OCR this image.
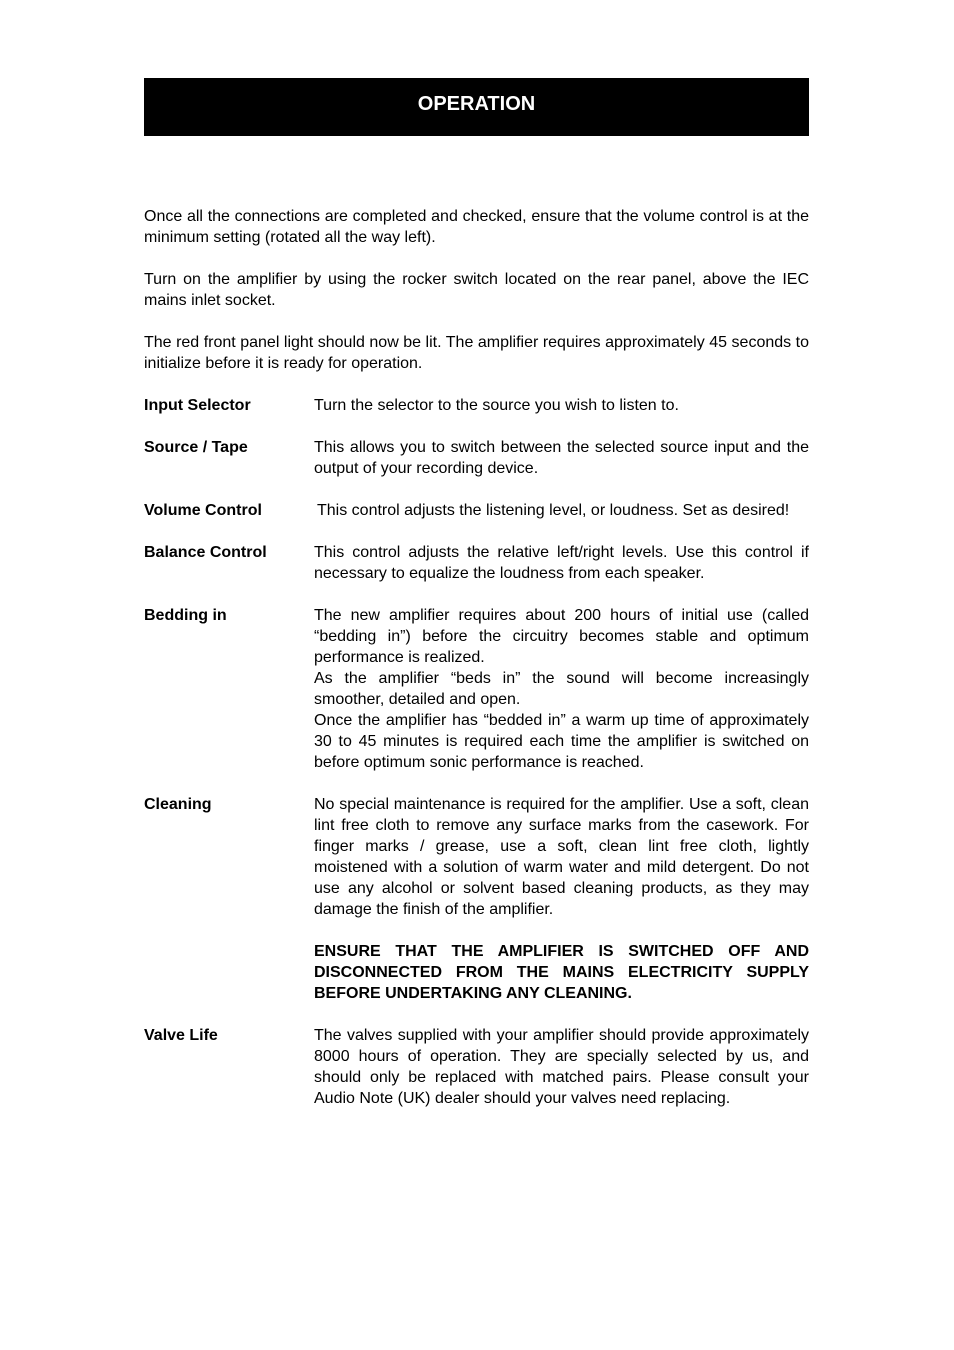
OPERATION

Once all the connections are completed and checked, ensure that the volume control is at the minimum setting (rotated all the way left).

Turn on the amplifier by using the rocker switch located on the rear panel, above the IEC mains inlet socket.

The red front panel light should now be lit. The amplifier requires approximately 45 seconds to initialize before it is ready for operation.

Input Selector	Turn the selector to the source you wish to listen to.

Source / Tape	This allows you to switch between the selected source input and the output of your recording device.

Volume Control	This control adjusts the listening level, or loudness. Set as desired!

Balance Control	This control adjusts the relative left/right levels. Use this control if necessary to equalize the loudness from each speaker.

Bedding in	The new amplifier requires about 200 hours of initial use (called “bedding in”) before the circuitry becomes stable and optimum performance is realized.

As the amplifier “beds in” the sound will become increasingly smoother, detailed and open.

Once the amplifier has “bedded in” a warm up time of approximately 30 to 45 minutes is required each time the amplifier is switched on before optimum sonic performance is reached.

Cleaning	No special maintenance is required for the amplifier. Use a soft, clean lint free cloth to remove any surface marks from the casework. For finger marks / grease, use a soft, clean lint free cloth, lightly moistened with a solution of warm water and mild detergent. Do not use any alcohol or solvent based cleaning products, as they may damage the finish of the amplifier.

ENSURE THAT THE AMPLIFIER IS SWITCHED OFF AND DISCONNECTED FROM THE MAINS ELECTRICITY SUPPLY BEFORE UNDERTAKING ANY CLEANING.

Valve Life	The valves supplied with your amplifier should provide approximately 8000 hours of operation. They are specially selected by us, and should only be replaced with matched pairs. Please consult your Audio Note (UK) dealer should your valves need replacing.
